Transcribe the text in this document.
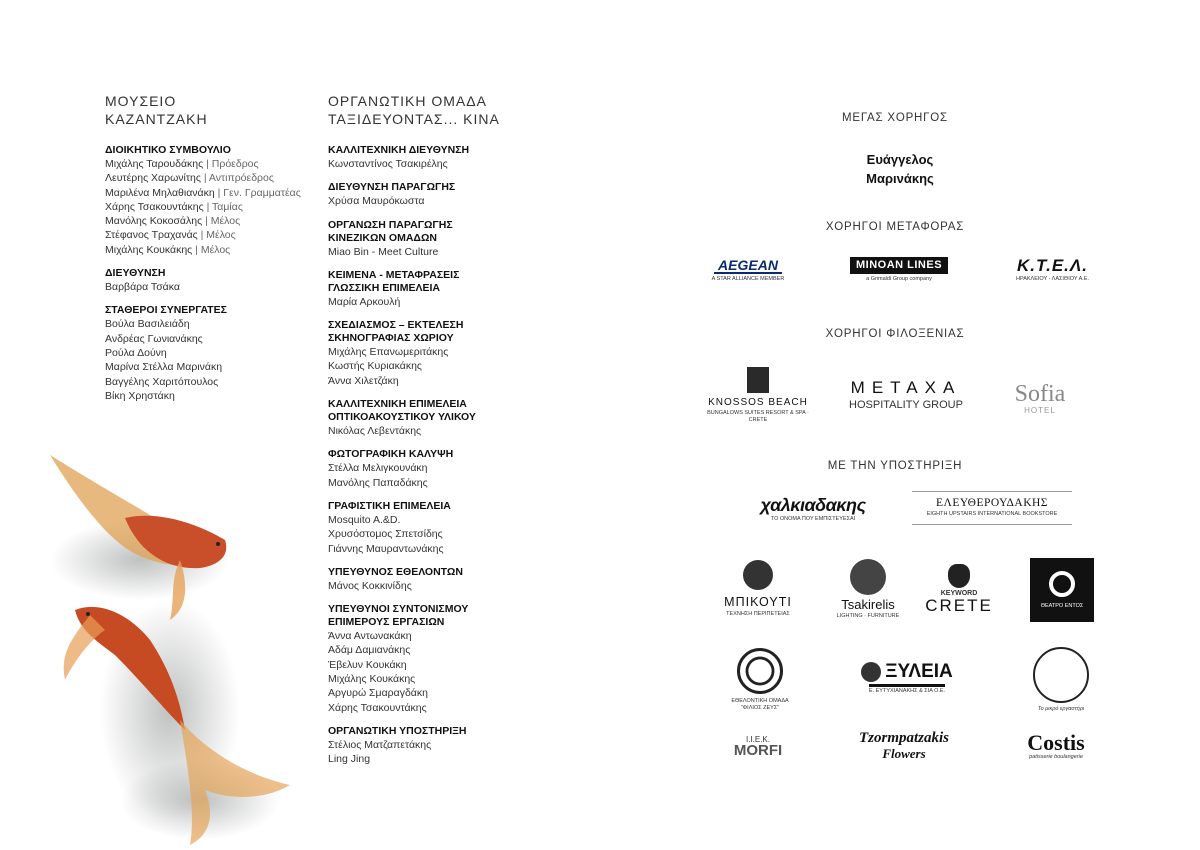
ΜΟΥΣΕΙΟ
ΚΑΖΑΝΤΖΑΚΗ
ΔΙΟΙΚΗΤΙΚΟ ΣΥΜΒΟΥΛΙΟ
Μιχάλης Ταρουδάκης | Πρόεδρος
Λευτέρης Χαρωνίτης | Αντιπρόεδρος
Μαριλένα Μηλαθιανάκη | Γεν. Γραμματέας
Χάρης Τσακουντάκης | Ταμίας
Μανόλης Κοκοσάλης | Μέλος
Στέφανος Τραχανάς | Μέλος
Μιχάλης Κουκάκης | Μέλος
ΔΙΕΥΘΥΝΣΗ
Βαρβάρα Τσάκα
ΣΤΑΘΕΡΟΙ ΣΥΝΕΡΓΑΤΕΣ
Βούλα Βασιλειάδη
Ανδρέας Γωνιανάκης
Ρούλα Δούνη
Μαρίνα Στέλλα Μαρινάκη
Βαγγέλης Χαριτόπουλος
Βίκη Χρηστάκη
ΟΡΓΑΝΩΤΙΚΗ ΟΜΑΔΑ
ΤΑΞΙΔΕΥΟΝΤΑΣ... ΚΙΝΑ
ΚΑΛΛΙΤΕΧΝΙΚΗ ΔΙΕΥΘΥΝΣΗ
Κωνσταντίνος Τσακιρέλης
ΔΙΕΥΘΥΝΣΗ ΠΑΡΑΓΩΓΗΣ
Χρύσα Μαυρόκωστα
ΟΡΓΑΝΩΣΗ ΠΑΡΑΓΩΓΗΣ
ΚΙΝΕΖΙΚΩΝ ΟΜΑΔΩΝ
Miao Bin - Meet Culture
ΚΕΙΜΕΝΑ - ΜΕΤΑΦΡΑΣΕΙΣ
ΓΛΩΣΣΙΚΗ ΕΠΙΜΕΛΕΙΑ
Μαρία Αρκουλή
ΣΧΕΔΙΑΣΜΟΣ – ΕΚΤΕΛΕΣΗ
ΣΚΗΝΟΓΡΑΦΙΑΣ ΧΩΡΙΟΥ
Μιχάλης Επανωμεριτάκης
Κωστής Κυριακάκης
Άννα Χιλετζάκη
ΚΑΛΛΙΤΕΧΝΙΚΗ ΕΠΙΜΕΛΕΙΑ
ΟΠΤΙΚΟΑΚΟΥΣΤΙΚΟΥ ΥΛΙΚΟΥ
Νικόλας Λεβεντάκης
ΦΩΤΟΓΡΑΦΙΚΗ ΚΑΛΥΨΗ
Στέλλα Μελιγκουνάκη
Μανόλης Παπαδάκης
ΓΡΑΦΙΣΤΙΚΗ ΕΠΙΜΕΛΕΙΑ
Mosquito A.&D.
Χρυσόστομος Σπετσίδης
Γιάννης Μαυραντωνάκης
ΥΠΕΥΘΥΝΟΣ ΕΘΕΛΟΝΤΩΝ
Μάνος Κοκκινίδης
ΥΠΕΥΘΥΝΟΙ ΣΥΝΤΟΝΙΣΜΟΥ
ΕΠΙΜΕΡΟΥΣ ΕΡΓΑΣΙΩΝ
Άννα Αντωνακάκη
Αδάμ Δαμιανάκης
Έβελυν Κουκάκη
Μιχάλης Κουκάκης
Αργυρώ Σμαραγδάκη
Χάρης Τσακουντάκης
ΟΡΓΑΝΩΤΙΚΗ ΥΠΟΣΤΗΡΙΞΗ
Στέλιος Ματζαπετάκης
Ling Jing
ΜΕΓΑΣ ΧΟΡΗΓΟΣ
Ευάγγελος
Μαρινάκης
ΧΟΡΗΓΟΙ ΜΕΤΑΦΟΡΑΣ
AEGEAN
A STAR ALLIANCE MEMBER
MINOAN LINES
a Grimaldi Group company
Κ.Τ.Ε.Λ.
ΗΡΑΚΛΕΙΟΥ - ΛΑΣΙΘΙΟΥ Α.Ε.
ΧΟΡΗΓΟΙ ΦΙΛΟΞΕΝΙΑΣ
KNOSSOS BEACH
BUNGALOWS SUITES RESORT & SPA · CRETE
METAXA
HOSPITALITY GROUP Sofia
HOTEL
ΜΕ ΤΗΝ ΥΠΟΣΤΗΡΙΞΗ
χαλκιαδακης
ΤΟ ΟΝΟΜΑ ΠΟΥ ΕΜΠΙΣΤΕΥΕΣΑΙ
ΕΛΕΥΘΕΡΟΥΔΑΚΗΣ
EIGHTH UPSTAIRS INTERNATIONAL BOOKSTORE
ΜΠΙΚΟΥΤΙ
ΤΕΧΝΗΣΗ ΠΕΡΙΠΕΤΕΙΑΣ
Tsakirelis
LIGHTING · FURNITURE
KEYWORD
CRETE	ΘΕΑΤΡΟ ΕΝΤΟΣ
ΕΘΕΛΟΝΤΙΚΗ ΟΜΑΔΑ
"ΦΙΛΙΟΣ ΖΕΥΣ"
ΞΥΛΕΙΑ
Ε. ΕΥΤΥΧΙΑΝΑΚΗΣ & ΣΙΑ Ο.Ε.
Το μικρό εργαστήρι
Ι.Ι.Ε.Κ.
MORFI
Tzormpatzakis
Flowers	Costis
patisserie boulangerie
